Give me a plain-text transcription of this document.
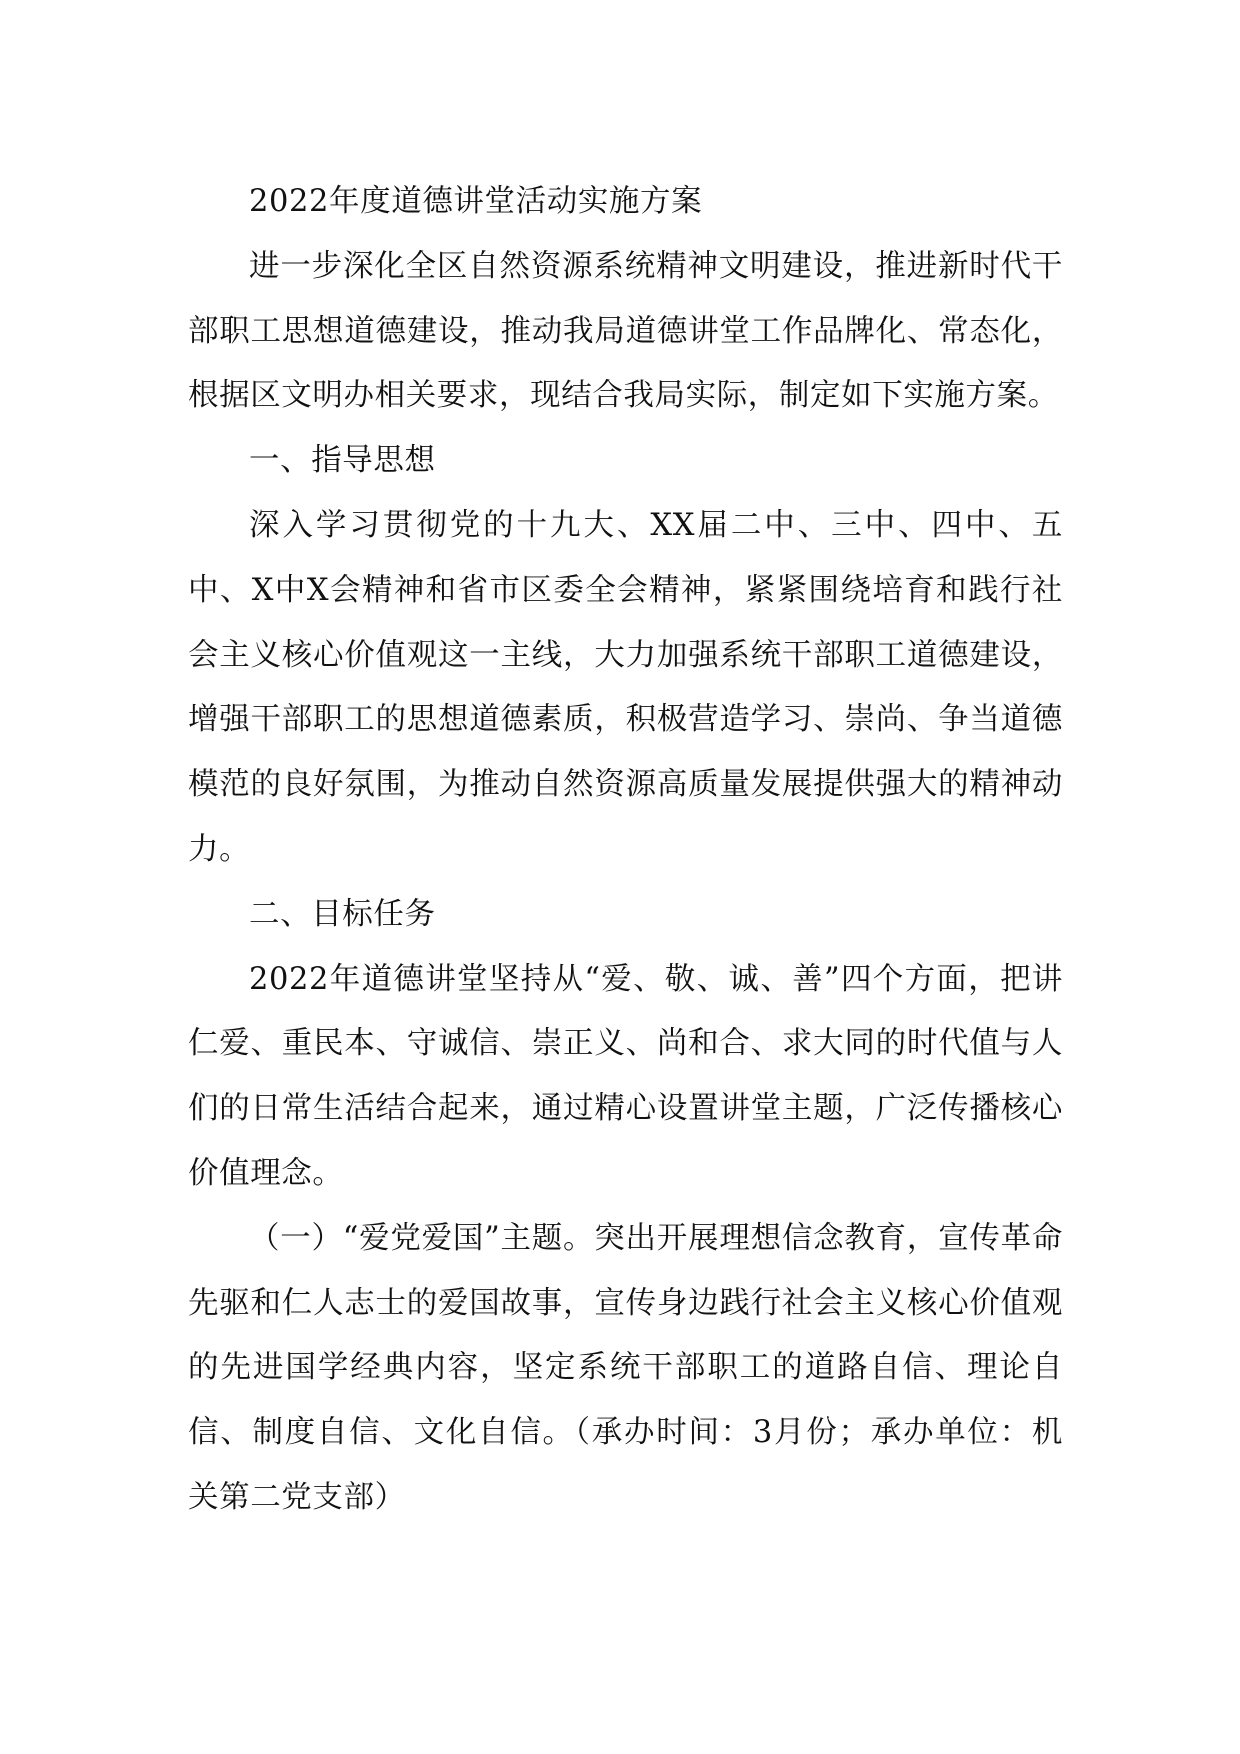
2022年度道德讲堂活动实施方案

进一步深化全区自然资源系统精神文明建设，推进新时代干部职工思想道德建设，推动我局道德讲堂工作品牌化、常态化，根据区文明办相关要求，现结合我局实际，制定如下实施方案。

一、指导思想

深入学习贯彻党的十九大、XX届二中、三中、四中、五中、X中X会精神和省市区委全会精神，紧紧围绕培育和践行社会主义核心价值观这一主线，大力加强系统干部职工道德建设，增强干部职工的思想道德素质，积极营造学习、崇尚、争当道德模范的良好氛围，为推动自然资源高质量发展提供强大的精神动力。

二、目标任务

2022年道德讲堂坚持从“爱、敬、诚、善”四个方面，把讲仁爱、重民本、守诚信、崇正义、尚和合、求大同的时代值与人们的日常生活结合起来，通过精心设置讲堂主题，广泛传播核心价值理念。

（一）“爱党爱国”主题。突出开展理想信念教育，宣传革命先驱和仁人志士的爱国故事，宣传身边践行社会主义核心价值观的先进国学经典内容，坚定系统干部职工的道路自信、理论自信、制度自信、文化自信。（承办时间：3月份；承办单位：机关第二党支部）
